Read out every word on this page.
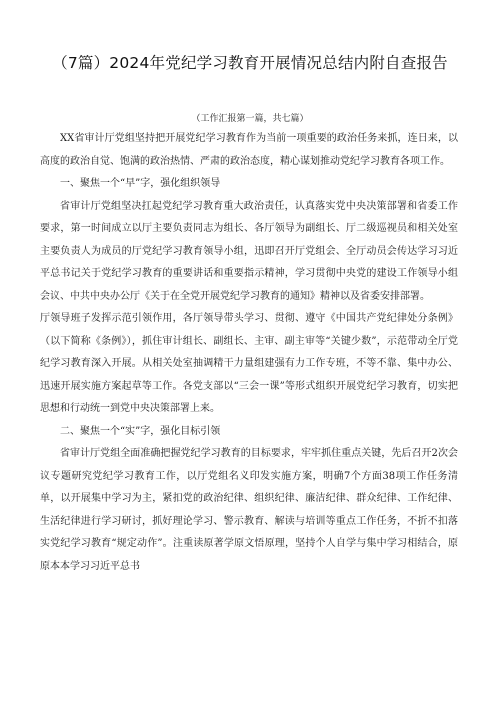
（7篇）2024年党纪学习教育开展情况总结内附自查报告
（工作汇报第一篇，共七篇）

XX省审计厅党组坚持把开展党纪学习教育作为当前一项重要的政治任务来抓，连日来，以高度的政治自觉、饱满的政治热情、严肃的政治态度，精心谋划推动党纪学习教育各项工作。

一、聚焦一个“早”字，强化组织领导

省审计厅党组坚决扛起党纪学习教育重大政治责任，认真落实党中央决策部署和省委工作要求，第一时间成立以厅主要负责同志为组长、各厅领导为副组长、厅二级巡视员和相关处室主要负责人为成员的厅党纪学习教育领导小组，迅即召开厅党组会、全厅动员会传达学习习近平总书记关于党纪学习教育的重要讲话和重要指示精神，学习贯彻中央党的建设工作领导小组会议、中共中央办公厅《关于在全党开展党纪学习教育的通知》精神以及省委安排部署。

厅领导班子发挥示范引领作用，各厅领导带头学习、贯彻、遵守《中国共产党纪律处分条例》（以下简称《条例》），抓住审计组长、副组长、主审、副主审等“关键少数”，示范带动全厅党纪学习教育深入开展。从相关处室抽调精干力量组建强有力工作专班，不等不靠、集中办公、迅速开展实施方案起草等工作。各党支部以“三会一课”等形式组织开展党纪学习教育，切实把思想和行动统一到党中央决策部署上来。

二、聚焦一个“实”字，强化目标引领

省审计厅党组全面准确把握党纪学习教育的目标要求，牢牢抓住重点关键，先后召开2次会议专题研究党纪学习教育工作，以厅党组名义印发实施方案，明确7个方面38项工作任务清单，以开展集中学习为主，紧扣党的政治纪律、组织纪律、廉洁纪律、群众纪律、工作纪律、生活纪律进行学习研讨，抓好理论学习、警示教育、解读与培训等重点工作任务，不折不扣落实党纪学习教育“规定动作”。注重读原著学原文悟原理，坚持个人自学与集中学习相结合，原原本本学习习近平总书
